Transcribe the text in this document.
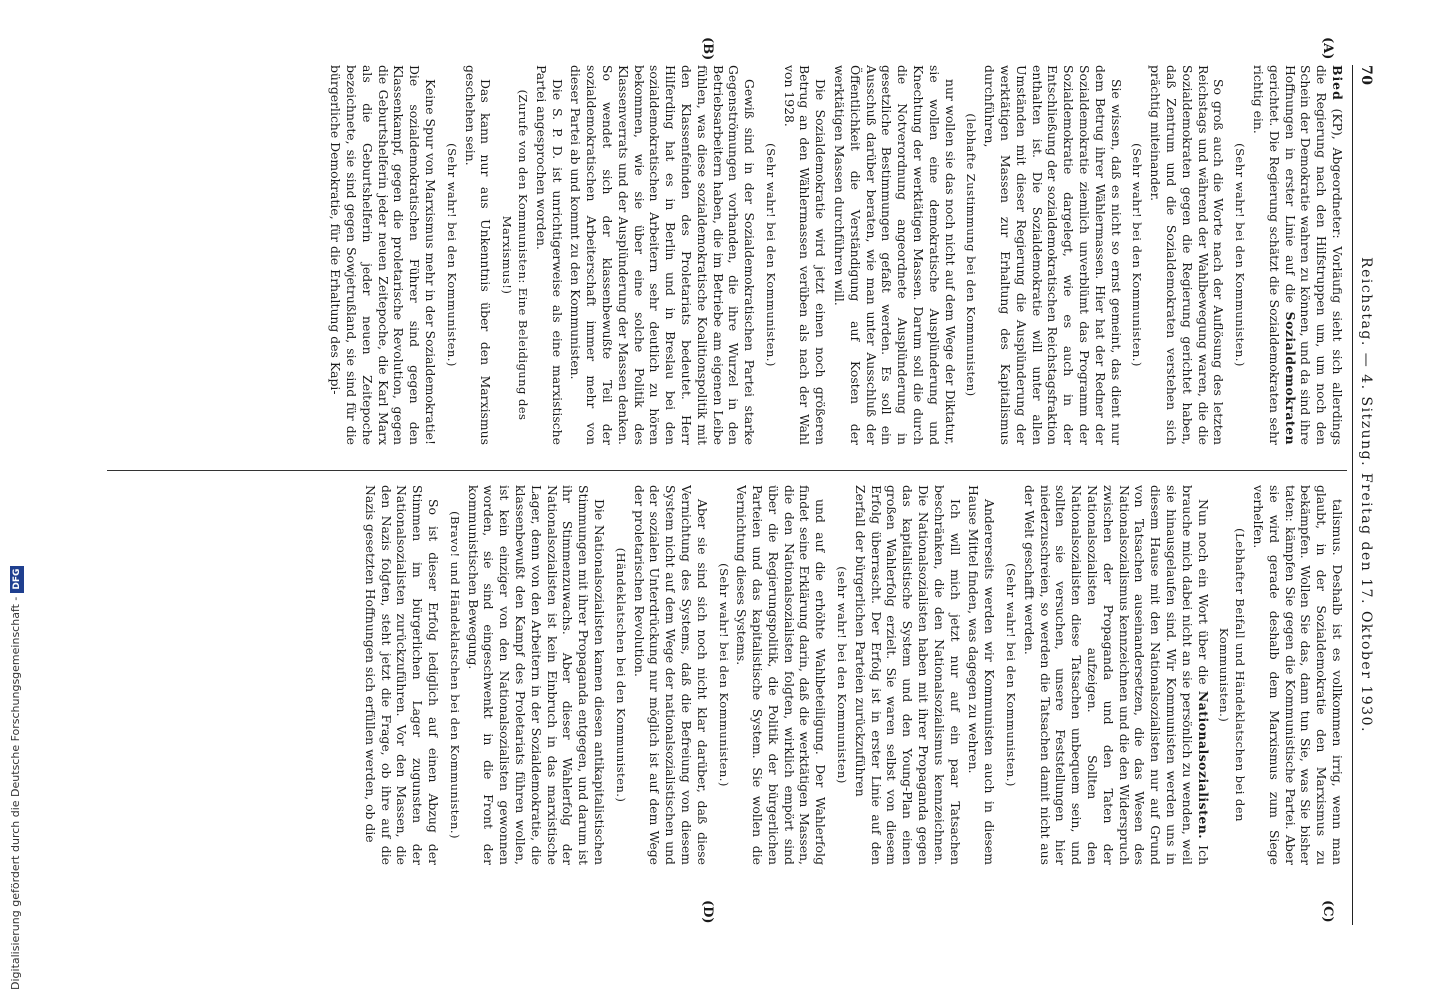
Digitalisierung gefördert durch die Deutsche Forschungsgemeinschaft -DFG
70
Reichstag. — 4. Sitzung. Freitag den 17. Oktober 1930.
(A)
(B)
(C)
(D)

Bied (KP), Abgeordneter: Vorläufig sieht sich allerdings die Regierung nach den Hilfstruppen um, um noch den Schein der Demokratie wahren zu können, und da sind ihre Hoffnungen in erster Linie auf die Sozialdemokraten gerichtet. Die Regierung schätzt die Sozialdemokraten sehr richtig ein.

(Sehr wahr! bei den Kommunisten.)

So groß auch die Worte nach der Auflösung des letzten Reichstags und während der Wahlbewegung waren, die die Sozialdemokraten gegen die Regierung gerichtet haben, daß Zentrum und die Sozialdemokraten verstehen sich prächtig miteinander.

(Sehr wahr! bei den Kommunisten.)

Sie wissen, daß es nicht so ernst gemeint, das dient nur dem Betrug ihrer Wählermassen. Hier hat der Redner der Sozialdemokratie ziemlich unverblümt das Programm der Sozialdemokratie dargelegt, wie es auch in der Entschließung der sozialdemokratischen Reichstagsfraktion enthalten ist. Die Sozialdemokratie will unter allen Umständen mit dieser Regierung die Ausplünderung der werktätigen Massen zur Erhaltung des Kapitalismus durchführen,

(lebhafte Zustimmung bei den Kommunisten)

nur wollen sie das noch nicht auf dem Wege der Diktatur, sie wollen eine demokratische Ausplünderung und Knechtung der werktätigen Massen. Darum soll die durch die Notverordnung angeordnete Ausplünderung in gesetzliche Bestimmungen gefaßt werden. Es soll ein Ausschuß darüber beraten, wie man unter Ausschluß der Öffentlichkeit die Verständigung auf Kosten der werktätigen Massen durchführen will.

Die Sozialdemokratie wird jetzt einen noch größeren Betrug an den Wählermassen verüben als nach der Wahl von 1928.

(Sehr wahr! bei den Kommunisten.)

Gewiß sind in der Sozialdemokratischen Partei starke Gegenströmungen vorhanden, die ihre Wurzel in den Betriebsarbeitern haben, die im Betriebe am eigenen Leibe fühlen, was diese sozialdemokratische Koalitionspolitik mit den Klassenfeinden des Proletariats bedeutet. Herr Hilferding hat es in Berlin und in Breslau bei den sozialdemokratischen Arbeitern sehr deutlich zu hören bekommen, wie sie über eine solche Politik des Klassenverrats und der Ausplünderung der Massen denken. So wendet sich der klassenbewußte Teil der sozialdemokratischen Arbeiterschaft immer mehr von dieser Partei ab und kommt zu den Kommunisten.

Die S. P. D. ist unrichtigerweise als eine marxistische Partei angesprochen worden.

(Zurufe von den Kommunisten: Eine Beleidigung des Marxismus!)

Das kann nur aus Unkenntnis über den Marxismus geschehen sein.

(Sehr wahr! bei den Kommunisten.)

Keine Spur von Marxismus mehr in der Sozialdemokratie! Die sozialdemokratischen Führer sind gegen den Klassenkampf, gegen die proletarische Revolution, gegen die Geburtshelferin jeder neuen Zeitepoche, die Karl Marx als die Geburtshelferin jeder neuen Zeitepoche bezeichnete, sie sind gegen Sowjetrußland, sie sind für die bürgerliche Demokratie, für die Erhaltung des Kapi-

talismus. Deshalb ist es vollkommen irrig, wenn man glaubt, in der Sozialdemokratie den Marxismus zu bekämpfen. Wollen Sie das, dann tun Sie, was Sie bisher taten: kämpfen Sie gegen die Kommunistische Partei. Aber sie wird gerade deshalb dem Marxismus zum Siege verhelfen.

(Lebhafter Beifall und Händeklatschen bei den Kommunisten.)

Nun noch ein Wort über die Nationalsozialisten. Ich brauche mich dabei nicht an sie persönlich zu wenden, weil sie hinausgelaufen sind. Wir Kommunisten werden uns in diesem Hause mit den Nationalsozialisten nur auf Grund von Tatsachen auseinandersetzen, die das Wesen des Nationalsozialismus kennzeichnen und die den Widerspruch zwischen der Propaganda und den Taten der Nationalsozialisten aufzeigen. Sollten den Nationalsozialisten diese Tatsachen unbequem sein, und sollten sie versuchen, unsere Feststellungen hier niederzuschreien, so werden die Tatsachen damit nicht aus der Welt geschafft werden.

(Sehr wahr! bei den Kommunisten.)

Andererseits werden wir Kommunisten auch in diesem Hause Mittel finden, was dagegen zu wehren.

Ich will mich jetzt nur auf ein paar Tatsachen beschränken, die den Nationalsozialismus kennzeichnen. Die Nationalsozialisten haben mit ihrer Propaganda gegen das kapitalistische System und den Young-Plan einen großen Wahlerfolg erzielt. Sie waren selbst von diesem Erfolg überrascht. Der Erfolg ist in erster Linie auf den Zerfall der bürgerlichen Parteien zurückzuführen

(sehr wahr! bei den Kommunisten)

und auf die erhöhte Wahlbeteiligung. Der Wahlerfolg findet seine Erklärung darin, daß die werktätigen Massen, die den Nationalsozialisten folgten, wirklich empört sind über die Regierungspolitik, die Politik der bürgerlichen Parteien und das kapitalistische System. Sie wollen die Vernichtung dieses Systems.

(Sehr wahr! bei den Kommunisten.)

Aber sie sind sich noch nicht klar darüber, daß diese Vernichtung des Systems, daß die Befreiung von diesem System nicht auf dem Wege der nationalsozialistischen und der sozialen Unterdrückung nur möglich ist auf dem Wege der proletarischen Revolution.

(Händeklatschen bei den Kommunisten.)

Die Nationalsozialisten kamen diesen antikapitalistischen Stimmungen mit ihrer Propaganda entgegen, und darum ist ihr Stimmenzuwachs. Aber dieser Wahlerfolg der Nationalsozialisten ist kein Einbruch in das marxistische Lager, denn von den Arbeitern in der Sozialdemokratie, die klassenbewußt den Kampf des Proletariats führen wollen, ist kein einziger von den Nationalsozialisten gewonnen worden, sie sind eingeschwenkt in die Front der kommunistischen Bewegung.

(Bravo! und Händeklatschen bei den Kommunisten.)

So ist dieser Erfolg lediglich auf einen Abzug der Stimmen im bürgerlichen Lager zugunsten der Nationalsozialisten zurückzuführen. Vor den Massen, die den Nazis folgten, steht jetzt die Frage, ob ihre auf die Nazis gesetzten Hoffnungen sich erfüllen werden, ob die
